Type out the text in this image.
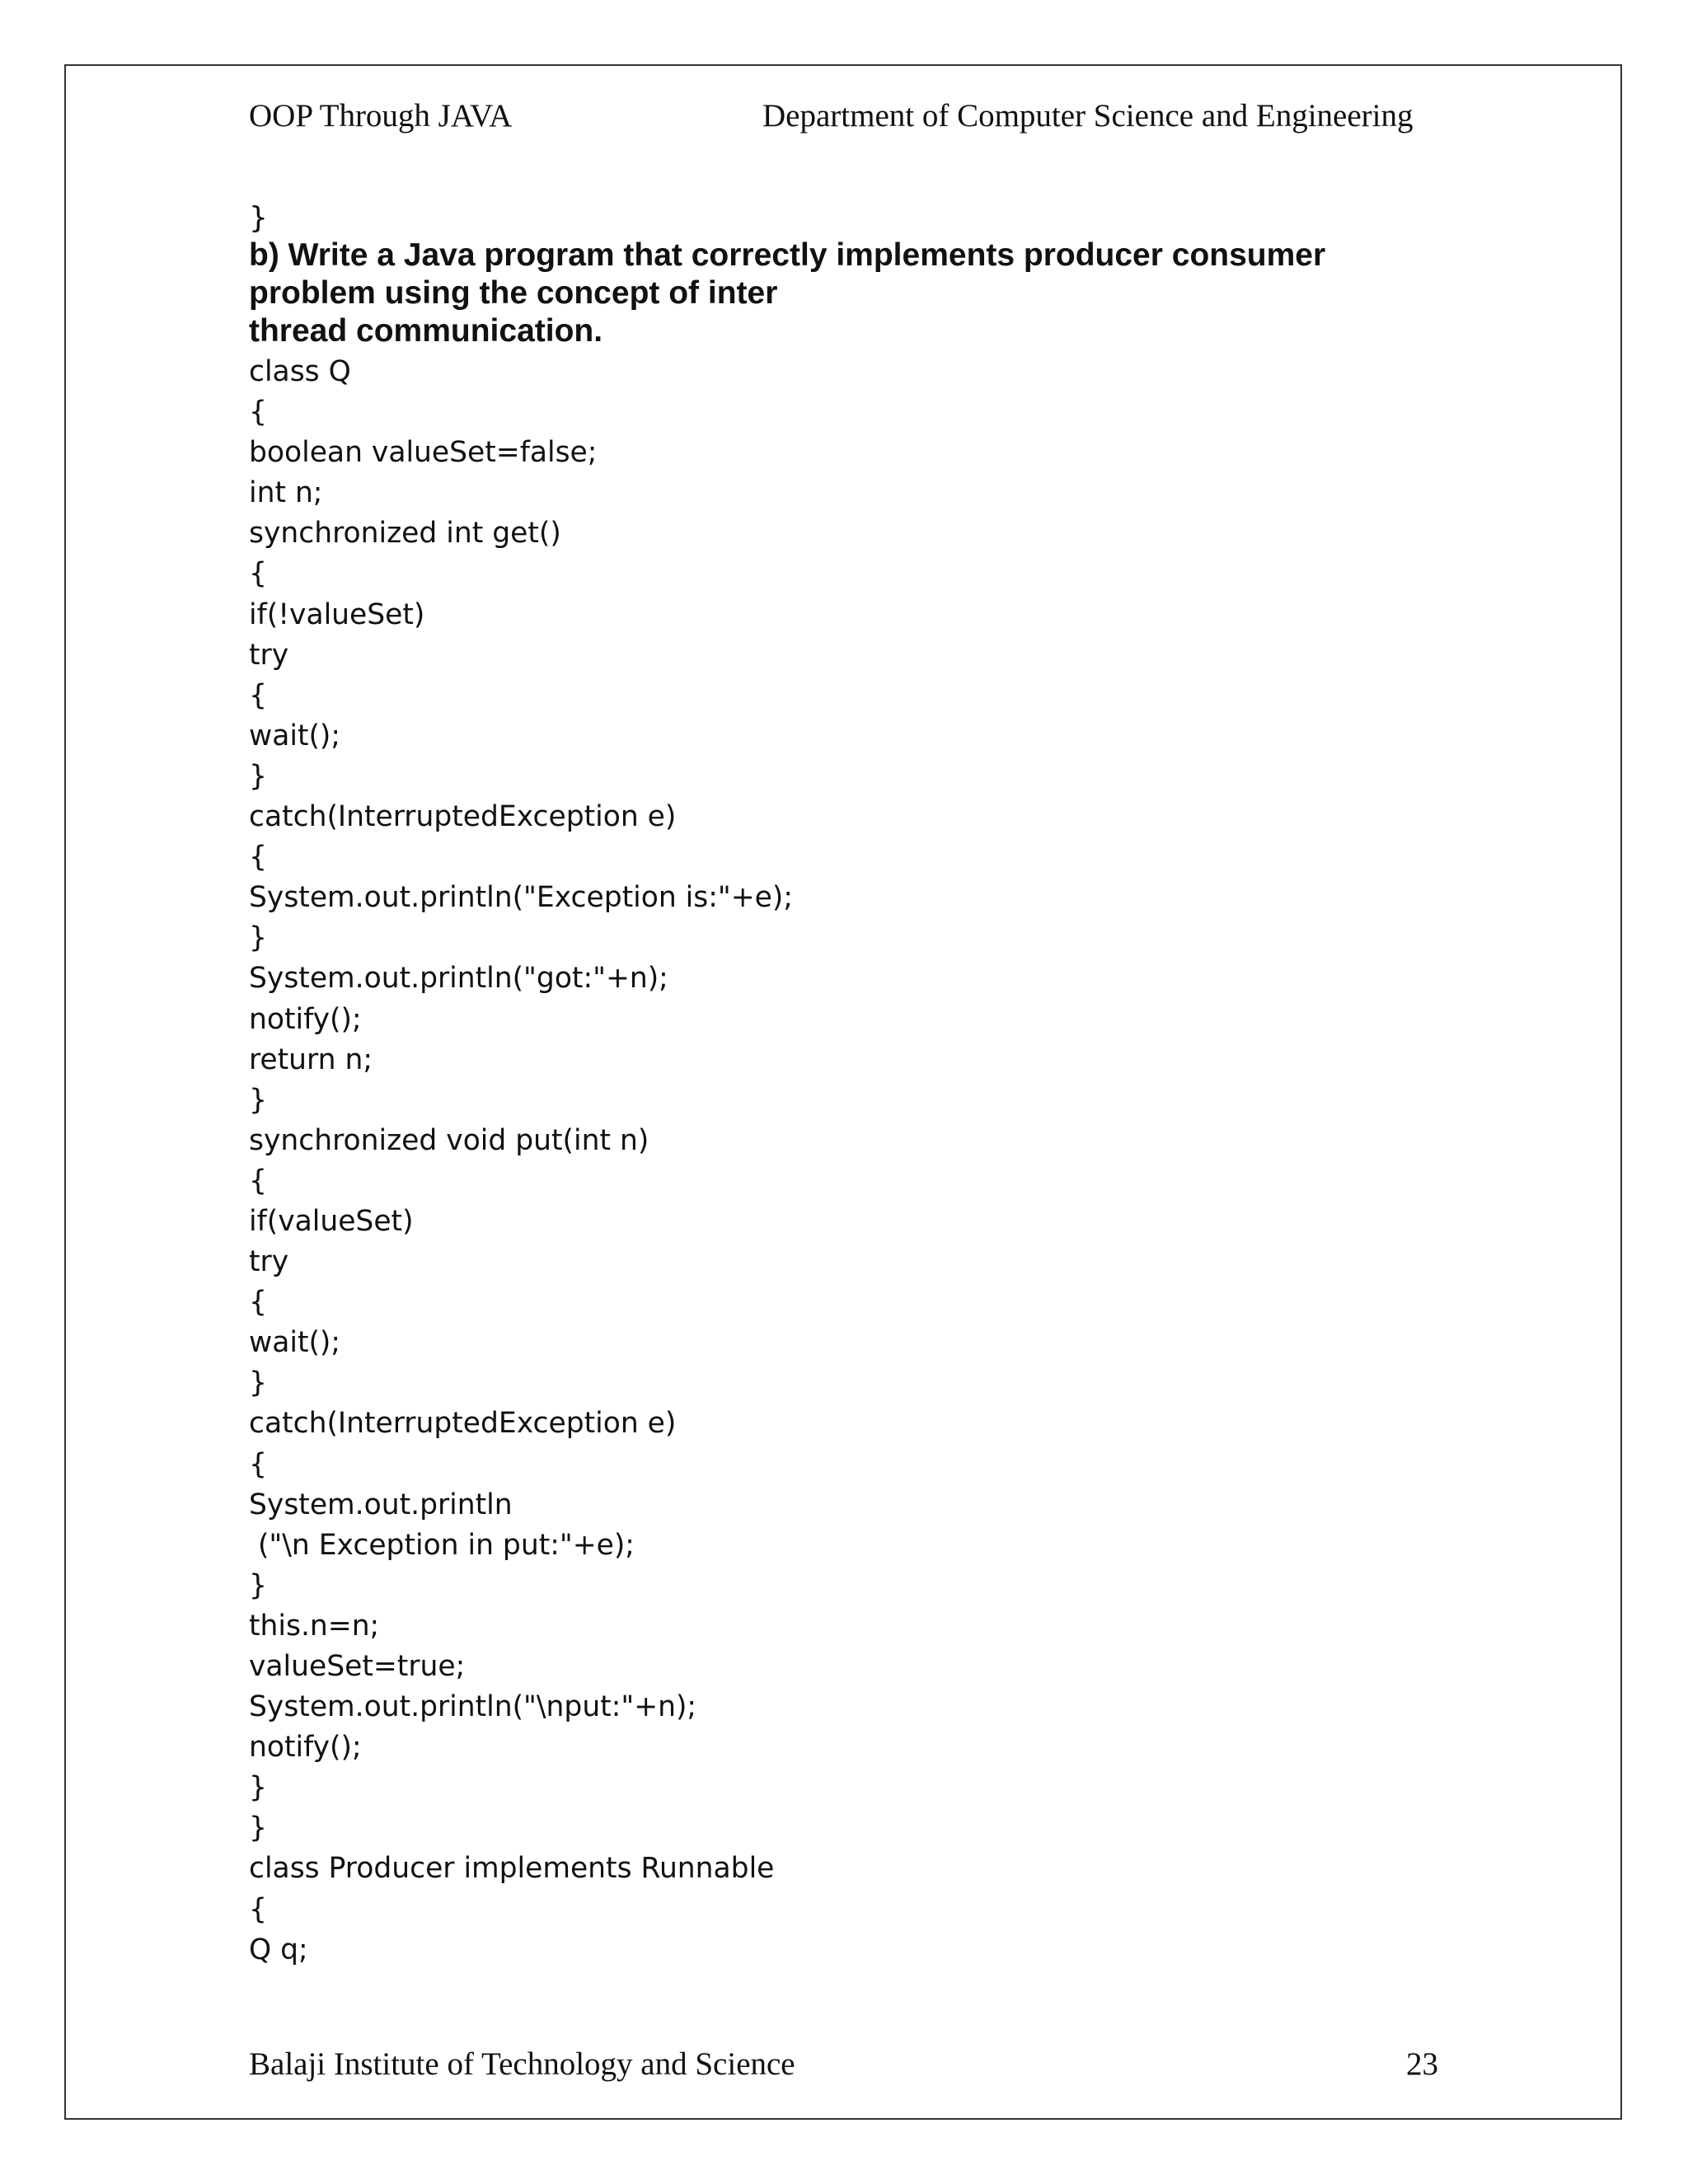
OOP Through JAVA	Department of Computer Science and Engineering
}
b) Write a Java program that correctly implements producer consumer
problem using the concept of inter
thread communication.
class Q
{
boolean valueSet=false;
int n;
synchronized int get()
{
if(!valueSet)
try
{
wait();
}
catch(InterruptedException e)
{
System.out.println("Exception is:"+e);
}
System.out.println("got:"+n);
notify();
return n;
}
synchronized void put(int n)
{
if(valueSet)
try
{
wait();
}
catch(InterruptedException e)
{
System.out.println
("\n Exception in put:"+e);
}
this.n=n;
valueSet=true;
System.out.println("\nput:"+n);
notify();
}
}
class Producer implements Runnable
{
Q q;
Balaji Institute of Technology and Science	23
